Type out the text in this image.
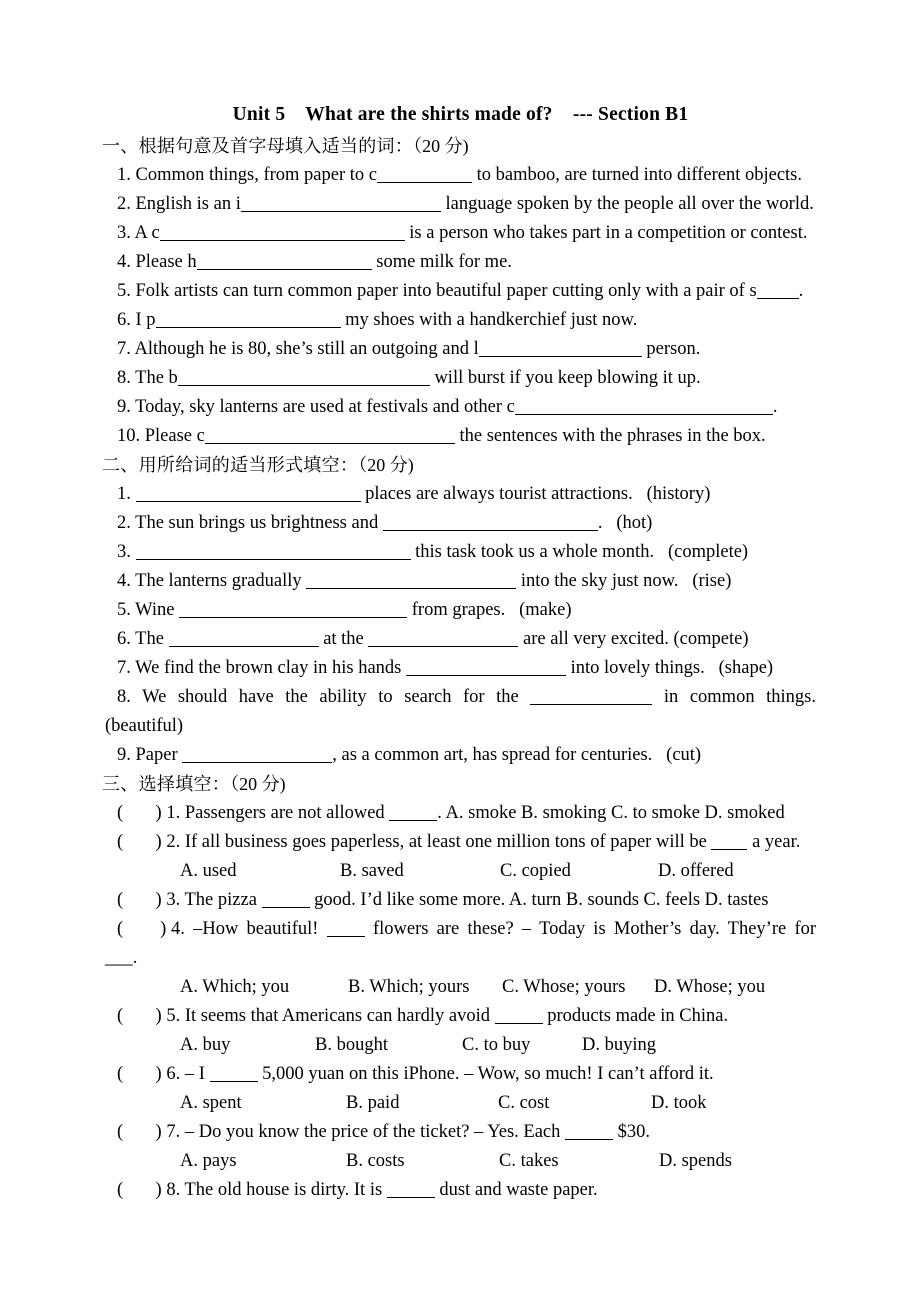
Unit 5    What are the shirts made of?    --- Section B1
一、根据句意及首字母填入适当的词：（20 分)
1. Common things, from paper to c	to bamboo, are turned into different objects.
2. English is an i	language spoken by the people all over the world.
3. A c	is a person who takes part in a competition or contest.
4. Please h	some milk for me.
5. Folk artists can turn common paper into beautiful paper cutting only with a pair of s .
6. I p	my shoes with a handkerchief just now.
7. Although he is 80, she’s still an outgoing and l	person.
8. The b	will burst if you keep blowing it up.
9. Today, sky lanterns are used at festivals and other c	.
10. Please c	the sentences with the phrases in the box.
二、用所给词的适当形式填空：（20 分)
1.	places are always tourist attractions. (history)
2. The sun brings us brightness and	. (hot)
3.	this task took us a whole month. (complete)
4. The lanterns gradually	into the sky just now. (rise)
5. Wine	from grapes. (make)
6. The	at the	are all very excited. (compete)
7. We find the brown clay in his hands	into lovely things. (shape)
8. We should have the ability to search for the	in common things.
(beautiful)
9. Paper	, as a common art, has spread for centuries. (cut)
三、选择填空：（20 分)
(       ) 1. Passengers are not allowed	. A. smoke B. smoking C. to smoke D. smoked
(       ) 2. If all business goes paperless, at least one million tons of paper will be  a year.
A. used	B. saved	C. copied	D. offered
(       ) 3. The pizza	good. I’d like some more. A. turn B. sounds C. feels D. tastes
(        ) 4. –How beautiful!  flowers are these? – Today is Mother’s day. They’re for
___.
A. Which; you	B. Which; yours C. Whose; yours D. Whose; you
(       ) 5. It seems that Americans can hardly avoid	products made in China.
A. buy	B. bought	C. to buy	D. buying
(       ) 6. – I	5,000 yuan on this iPhone. – Wow, so much! I can’t afford it.
A. spent	B. paid	C. cost	D. took
(       ) 7. – Do you know the price of the ticket? – Yes. Each	$30.
A. pays	B. costs	C. takes	D. spends
(       ) 8. The old house is dirty. It is	dust and waste paper.
